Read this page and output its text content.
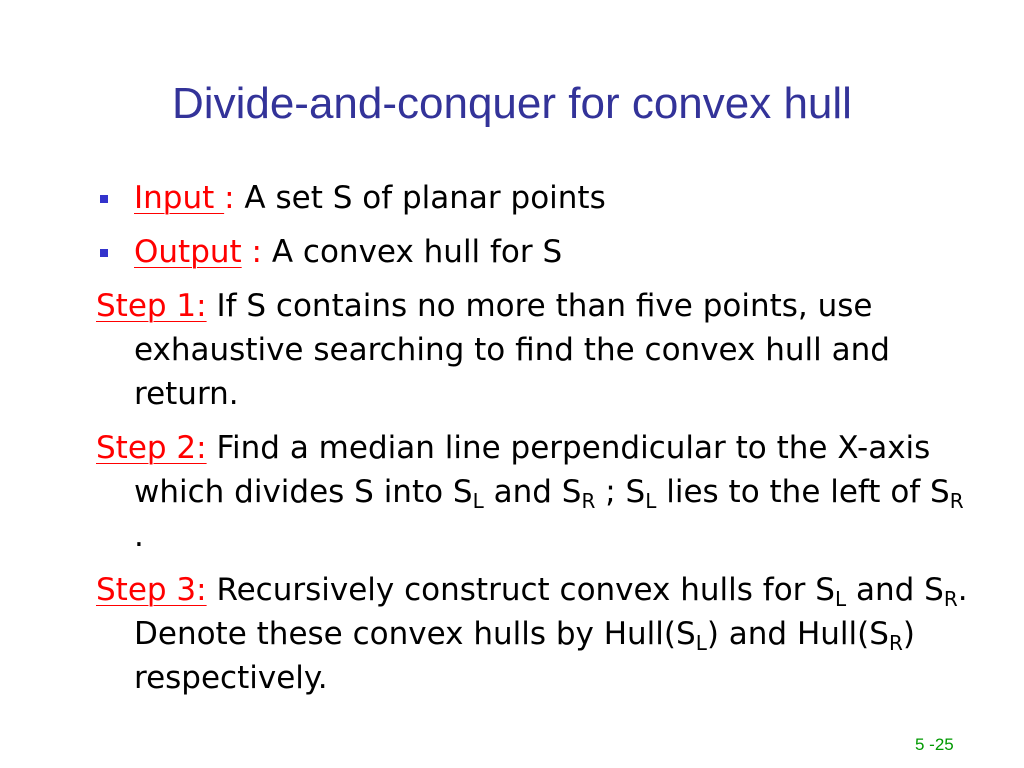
Divide-and-conquer for convex hull
Input : A set S of planar points
Output : A convex hull for S
Step 1: If S contains no more than five points, use exhaustive searching to find the convex hull and return.
Step 2: Find a median line perpendicular to the X-axis which divides S into $S_L$ and $S_R$ ; $S_L$ lies to the left of $S_R$ .
Step 3: Recursively construct convex hulls for $S_L$ and $S_R$. Denote these convex hulls by $Hull(S_L)$ and $Hull(S_R)$ respectively.
5 -25
